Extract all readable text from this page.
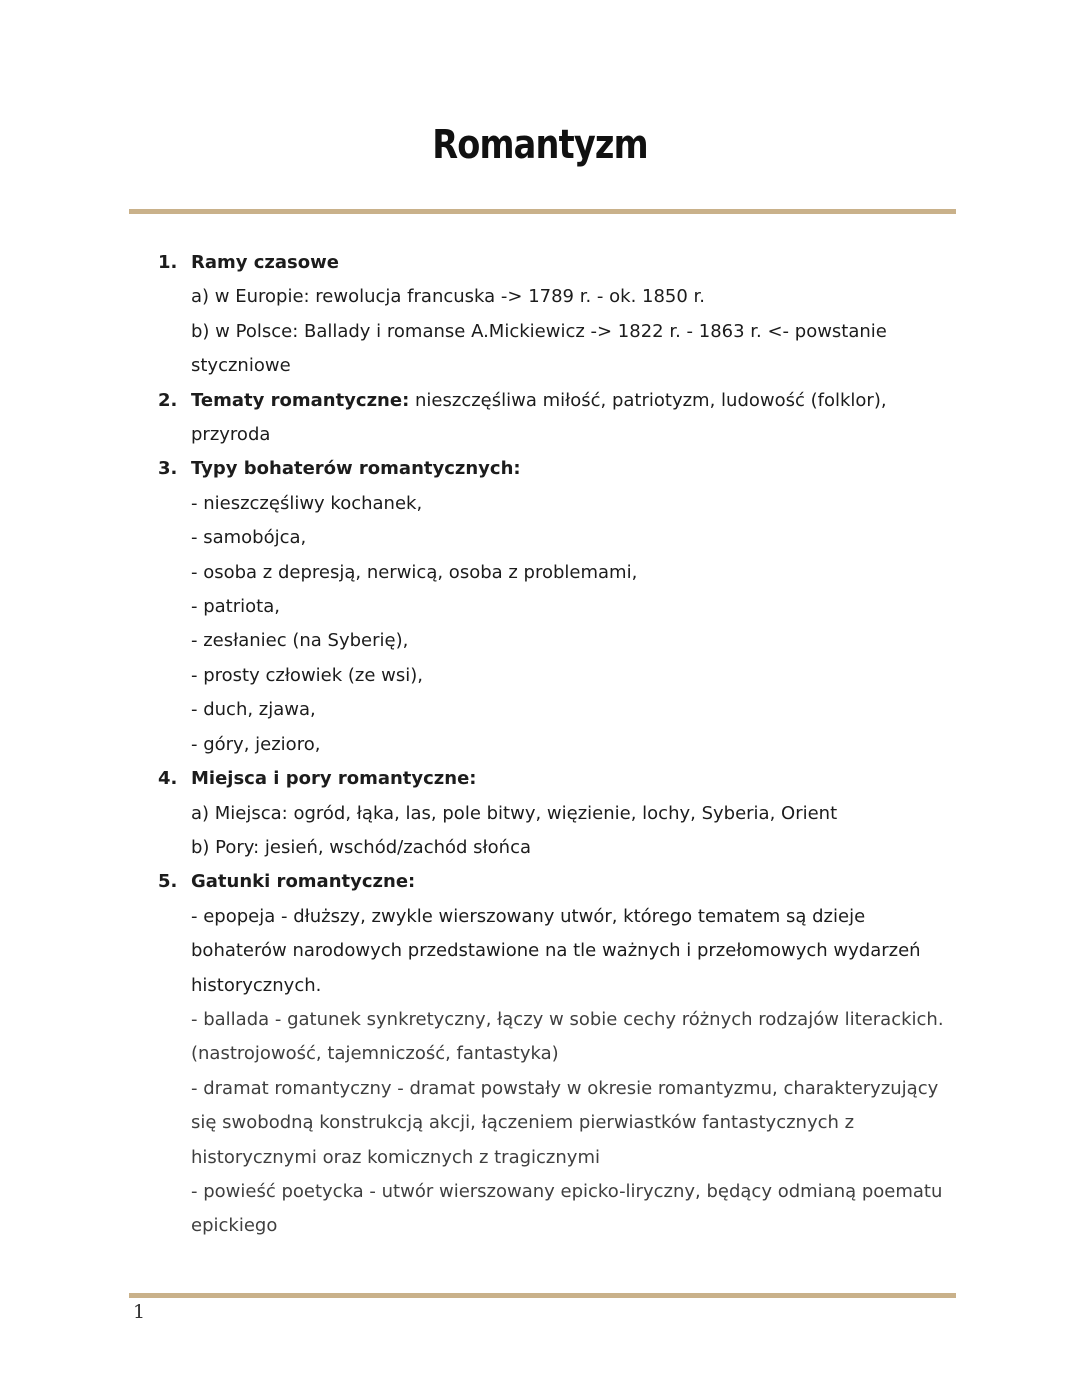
Romantyzm
1. Ramy czasowe
a) w Europie: rewolucja francuska -> 1789 r. - ok. 1850 r.
b) w Polsce: Ballady i romanse A.Mickiewicz -> 1822 r. - 1863 r. <- powstanie
styczniowe
2. Tematy romantyczne: nieszczęśliwa miłość, patriotyzm, ludowość (folklor),
przyroda
3. Typy bohaterów romantycznych:
- nieszczęśliwy kochanek,
- samobójca,
- osoba z depresją, nerwicą, osoba z problemami,
- patriota,
- zesłaniec (na Syberię),
- prosty człowiek (ze wsi),
- duch, zjawa,
- góry, jezioro,
4. Miejsca i pory romantyczne:
a) Miejsca: ogród, łąka, las, pole bitwy, więzienie, lochy, Syberia, Orient
b) Pory: jesień, wschód/zachód słońca
5. Gatunki romantyczne:
- epopeja - dłuższy, zwykle wierszowany utwór, którego tematem są dzieje
bohaterów narodowych przedstawione na tle ważnych i przełomowych wydarzeń
historycznych.
- ballada - gatunek synkretyczny, łączy w sobie cechy różnych rodzajów literackich.
(nastrojowość, tajemniczość, fantastyka)
- dramat romantyczny - dramat powstały w okresie romantyzmu, charakteryzujący
się swobodną konstrukcją akcji, łączeniem pierwiastków fantastycznych z
historycznymi oraz komicznych z tragicznymi
- powieść poetycka - utwór wierszowany epicko-liryczny, będący odmianą poematu
epickiego
1
